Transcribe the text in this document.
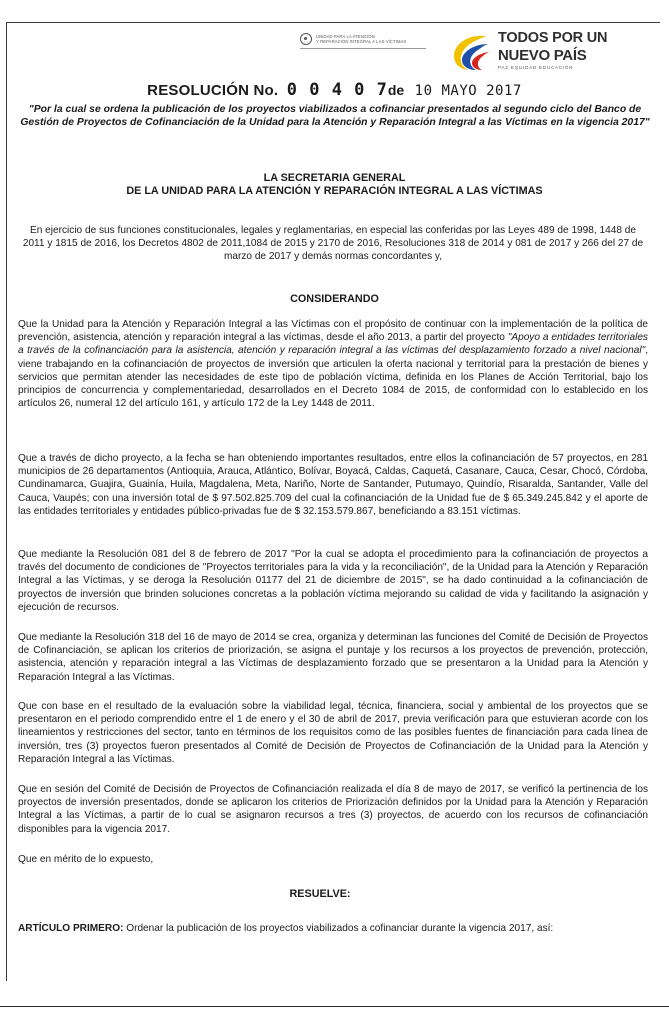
UNIDAD PARA LA ATENCIÓN
Y REPARACIÓN INTEGRAL A LAS VÍCTIMAS	TODOS POR UN
NUEVO PAÍS
PAZ EQUIDAD EDUCACIÓN
RESOLUCIÓN No. 0 0 4 0 7de 10 MAYO 2017
"Por la cual se ordena la publicación de los proyectos viabilizados a cofinanciar presentados al segundo ciclo del Banco de Gestión de Proyectos de Cofinanciación de la Unidad para la Atención y Reparación Integral a las Víctimas en la vigencia 2017"
LA SECRETARIA GENERAL
DE LA UNIDAD PARA LA ATENCIÓN Y REPARACIÓN INTEGRAL A LAS VÍCTIMAS
En ejercicio de sus funciones constitucionales, legales y reglamentarias, en especial las conferidas por las Leyes 489 de 1998, 1448 de 2011 y 1815 de 2016, los Decretos 4802 de 2011,1084 de 2015 y 2170 de 2016, Resoluciones 318 de 2014 y 081 de 2017 y 266 del 27 de marzo de 2017 y demás normas concordantes y,
CONSIDERANDO
Que la Unidad para la Atención y Reparación Integral a las Víctimas con el propósito de continuar con la implementación de la política de prevención, asistencia, atención y reparación integral a las víctimas, desde el año 2013, a partir del proyecto "Apoyo a entidades territoriales a través de la cofinanciación para la asistencia, atención y reparación integral a las víctimas del desplazamiento forzado a nivel nacional", viene trabajando en la cofinanciación de proyectos de inversión que articulen la oferta nacional y territorial para la prestación de bienes y servicios que permitan atender las necesidades de este tipo de población víctima, definida en los Planes de Acción Territorial, bajo los principios de concurrencia y complementariedad, desarrollados en el Decreto 1084 de 2015, de conformidad con lo establecido en los artículos 26, numeral 12 del artículo 161, y artículo 172 de la Ley 1448 de 2011.
Que a través de dicho proyecto, a la fecha se han obteniendo importantes resultados, entre ellos la cofinanciación de 57 proyectos, en 281 municipios de 26 departamentos (Antioquia, Arauca, Atlántico, Bolívar, Boyacá, Caldas, Caquetá, Casanare, Cauca, Cesar, Chocó, Córdoba, Cundinamarca, Guajira, Guainía, Huila, Magdalena, Meta, Nariño, Norte de Santander, Putumayo, Quindío, Risaralda, Santander, Valle del Cauca, Vaupés; con una inversión total de $ 97.502.825.709 del cual la cofinanciación de la Unidad fue de $ 65.349.245.842 y el aporte de las entidades territoriales y entidades público-privadas fue de $ 32.153.579.867, beneficiando a 83.151 víctimas.
Que mediante la Resolución 081 del 8 de febrero de 2017 "Por la cual se adopta el procedimiento para la cofinanciación de proyectos a través del documento de condiciones de "Proyectos territoriales para la vida y la reconciliación", de la Unidad para la Atención y Reparación Integral a las Víctimas, y se deroga la Resolución 01177 del 21 de diciembre de 2015", se ha dado continuidad a la cofinanciación de proyectos de inversión que brinden soluciones concretas a la población víctima mejorando su calidad de vida y facilitando la asignación y ejecución de recursos.
Que mediante la Resolución 318 del 16 de mayo de 2014 se crea, organiza y determinan las funciones del Comité de Decisión de Proyectos de Cofinanciación, se aplican los criterios de priorización, se asigna el puntaje y los recursos a los proyectos de prevención, protección, asistencia, atención y reparación integral a las Víctimas de desplazamiento forzado que se presentaron a la Unidad para la Atención y Reparación Integral a las Víctimas.
Que con base en el resultado de la evaluación sobre la viabilidad legal, técnica, financiera, social y ambiental de los proyectos que se presentaron en el periodo comprendido entre el 1 de enero y el 30 de abril de 2017, previa verificación para que estuvieran acorde con los lineamientos y restricciones del sector, tanto en términos de los requisitos como de las posibles fuentes de financiación para cada línea de inversión, tres (3) proyectos fueron presentados al Comité de Decisión de Proyectos de Cofinanciación de la Unidad para la Atención y Reparación Integral a las Víctimas.
Que en sesión del Comité de Decisión de Proyectos de Cofinanciación realizada el día 8 de mayo de 2017, se verificó la pertinencia de los proyectos de inversión presentados, donde se aplicaron los criterios de Priorización definidos por la Unidad para la Atención y Reparación Integral a las Víctimas, a partir de lo cual se asignaron recursos a tres (3) proyectos, de acuerdo con los recursos de cofinanciación disponibles para la vigencia 2017.
Que en mérito de lo expuesto,
RESUELVE:
ARTÍCULO PRIMERO: Ordenar la publicación de los proyectos viabilizados a cofinanciar durante la vigencia 2017, así:
